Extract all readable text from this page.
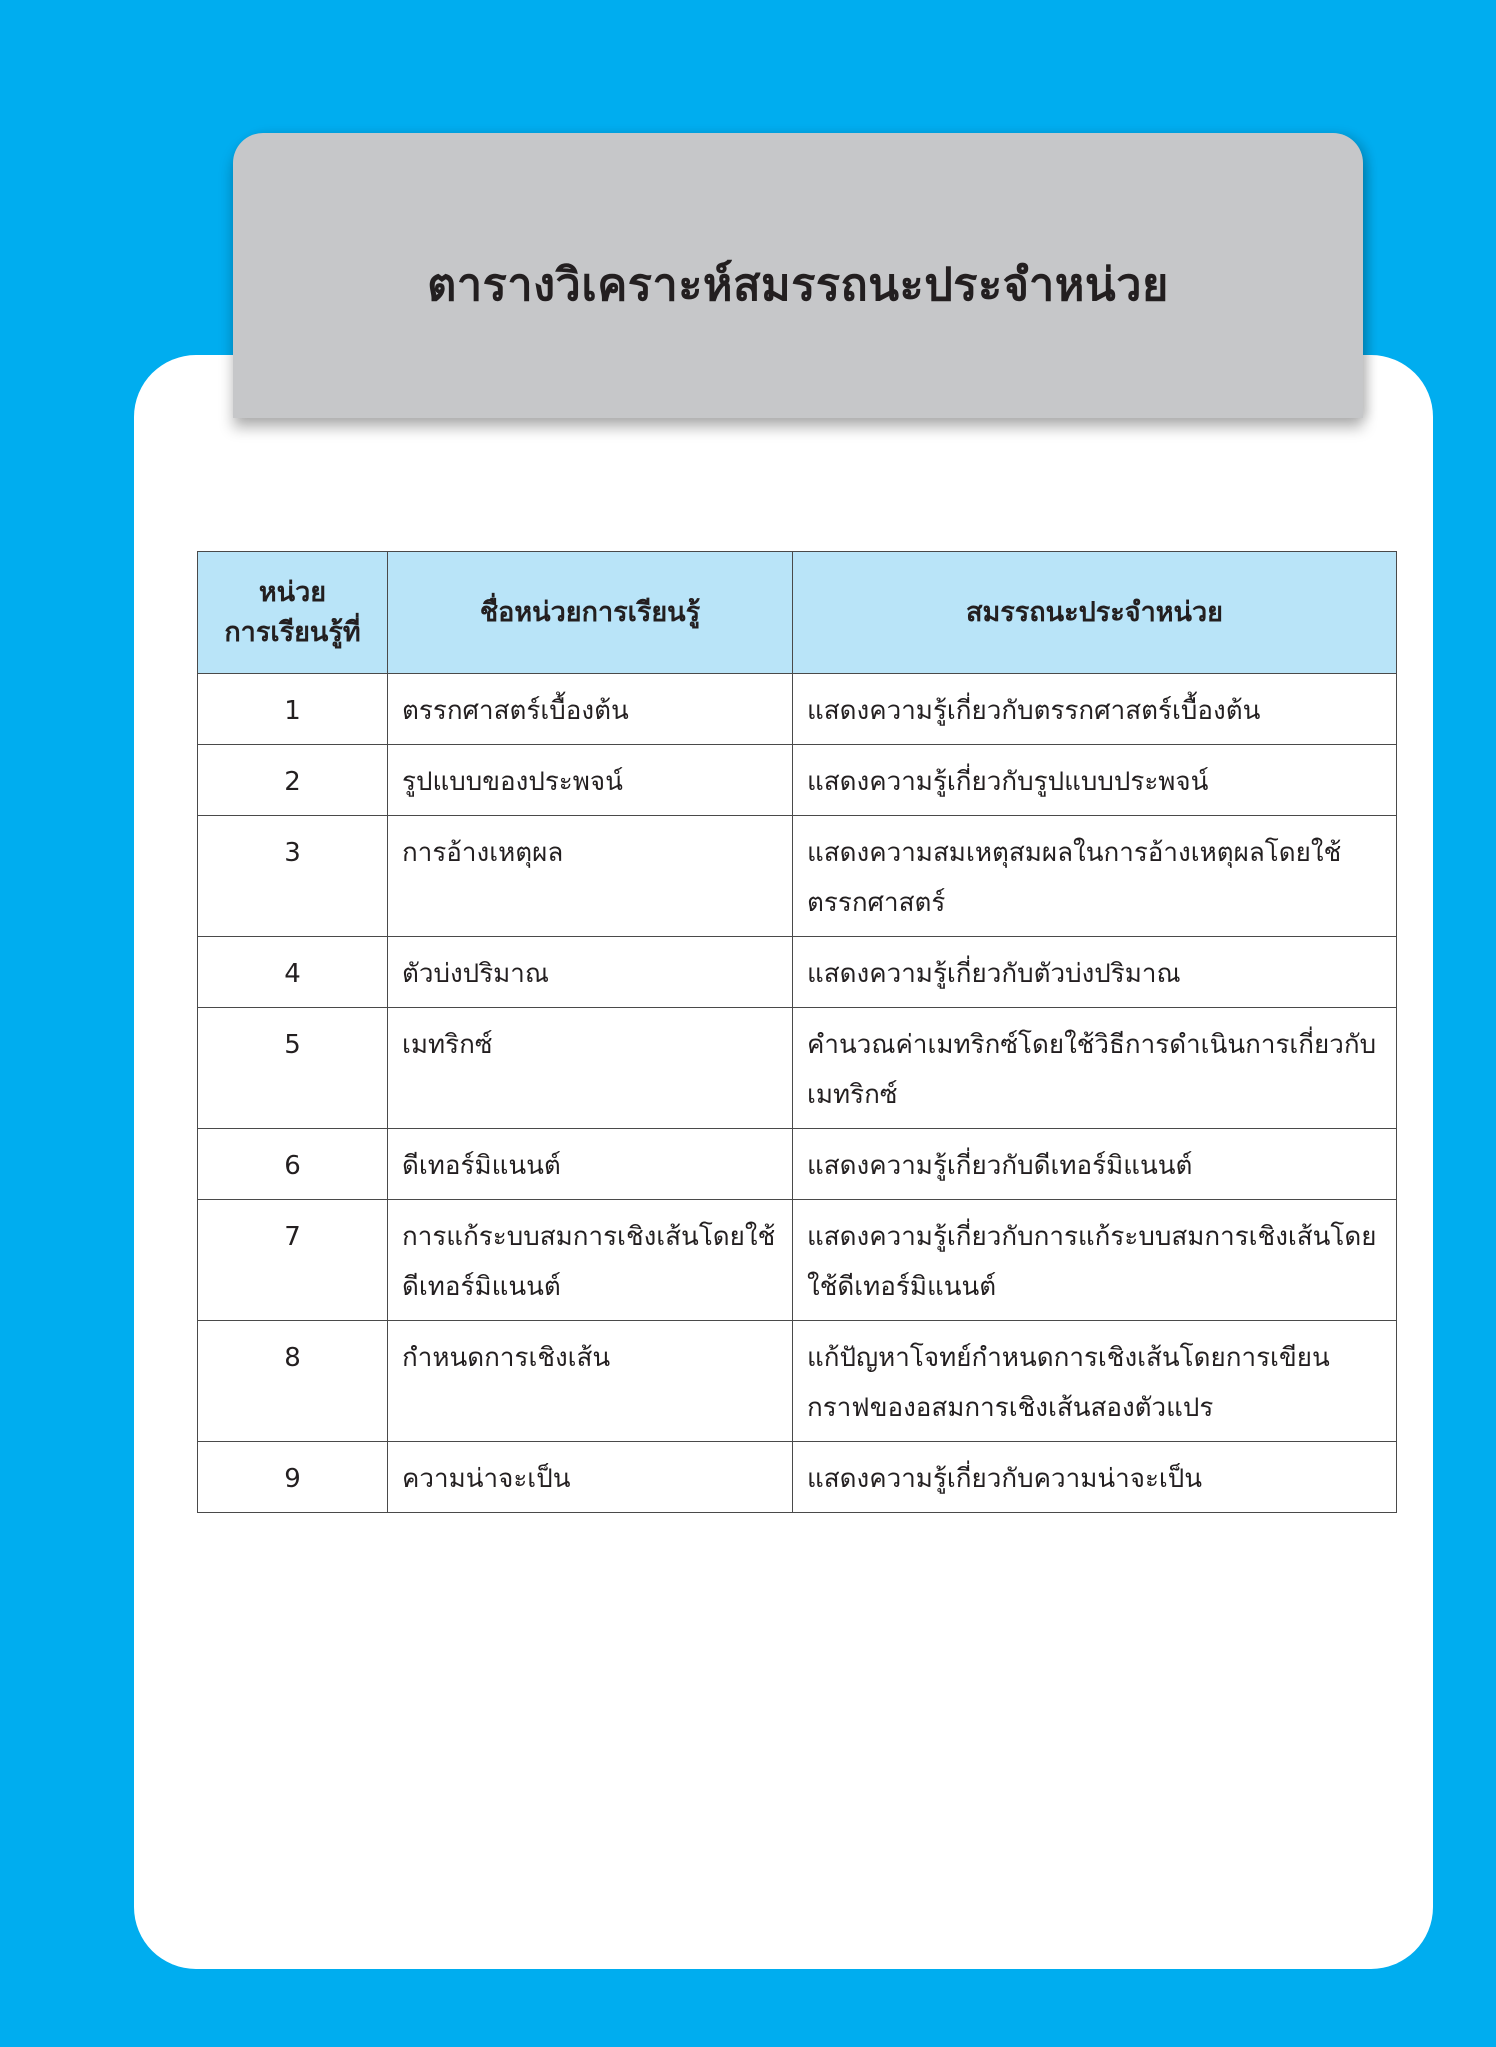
ตารางวิเคราะห์สมรรถนะประจำหน่วย
หน่วย
การเรียนรู้ที่	ชื่อหน่วยการเรียนรู้	สมรรถนะประจำหน่วย
1	ตรรกศาสตร์เบื้องต้น	แสดงความรู้เกี่ยวกับตรรกศาสตร์เบื้องต้น
2	รูปแบบของประพจน์	แสดงความรู้เกี่ยวกับรูปแบบประพจน์
3	การอ้างเหตุผล	แสดงความสมเหตุสมผลในการอ้างเหตุผลโดยใช้ตรรกศาสตร์
4	ตัวบ่งปริมาณ	แสดงความรู้เกี่ยวกับตัวบ่งปริมาณ
5	เมทริกซ์	คำนวณค่าเมทริกซ์โดยใช้วิธีการดำเนินการเกี่ยวกับเมทริกซ์
6	ดีเทอร์มิแนนต์	แสดงความรู้เกี่ยวกับดีเทอร์มิแนนต์
7	การแก้ระบบสมการเชิงเส้นโดยใช้ดีเทอร์มิแนนต์	แสดงความรู้เกี่ยวกับการแก้ระบบสมการเชิงเส้นโดยใช้ดีเทอร์มิแนนต์
8	กำหนดการเชิงเส้น	แก้ปัญหาโจทย์กำหนดการเชิงเส้นโดยการเขียนกราฟของอสมการเชิงเส้นสองตัวแปร
9	ความน่าจะเป็น	แสดงความรู้เกี่ยวกับความน่าจะเป็น
